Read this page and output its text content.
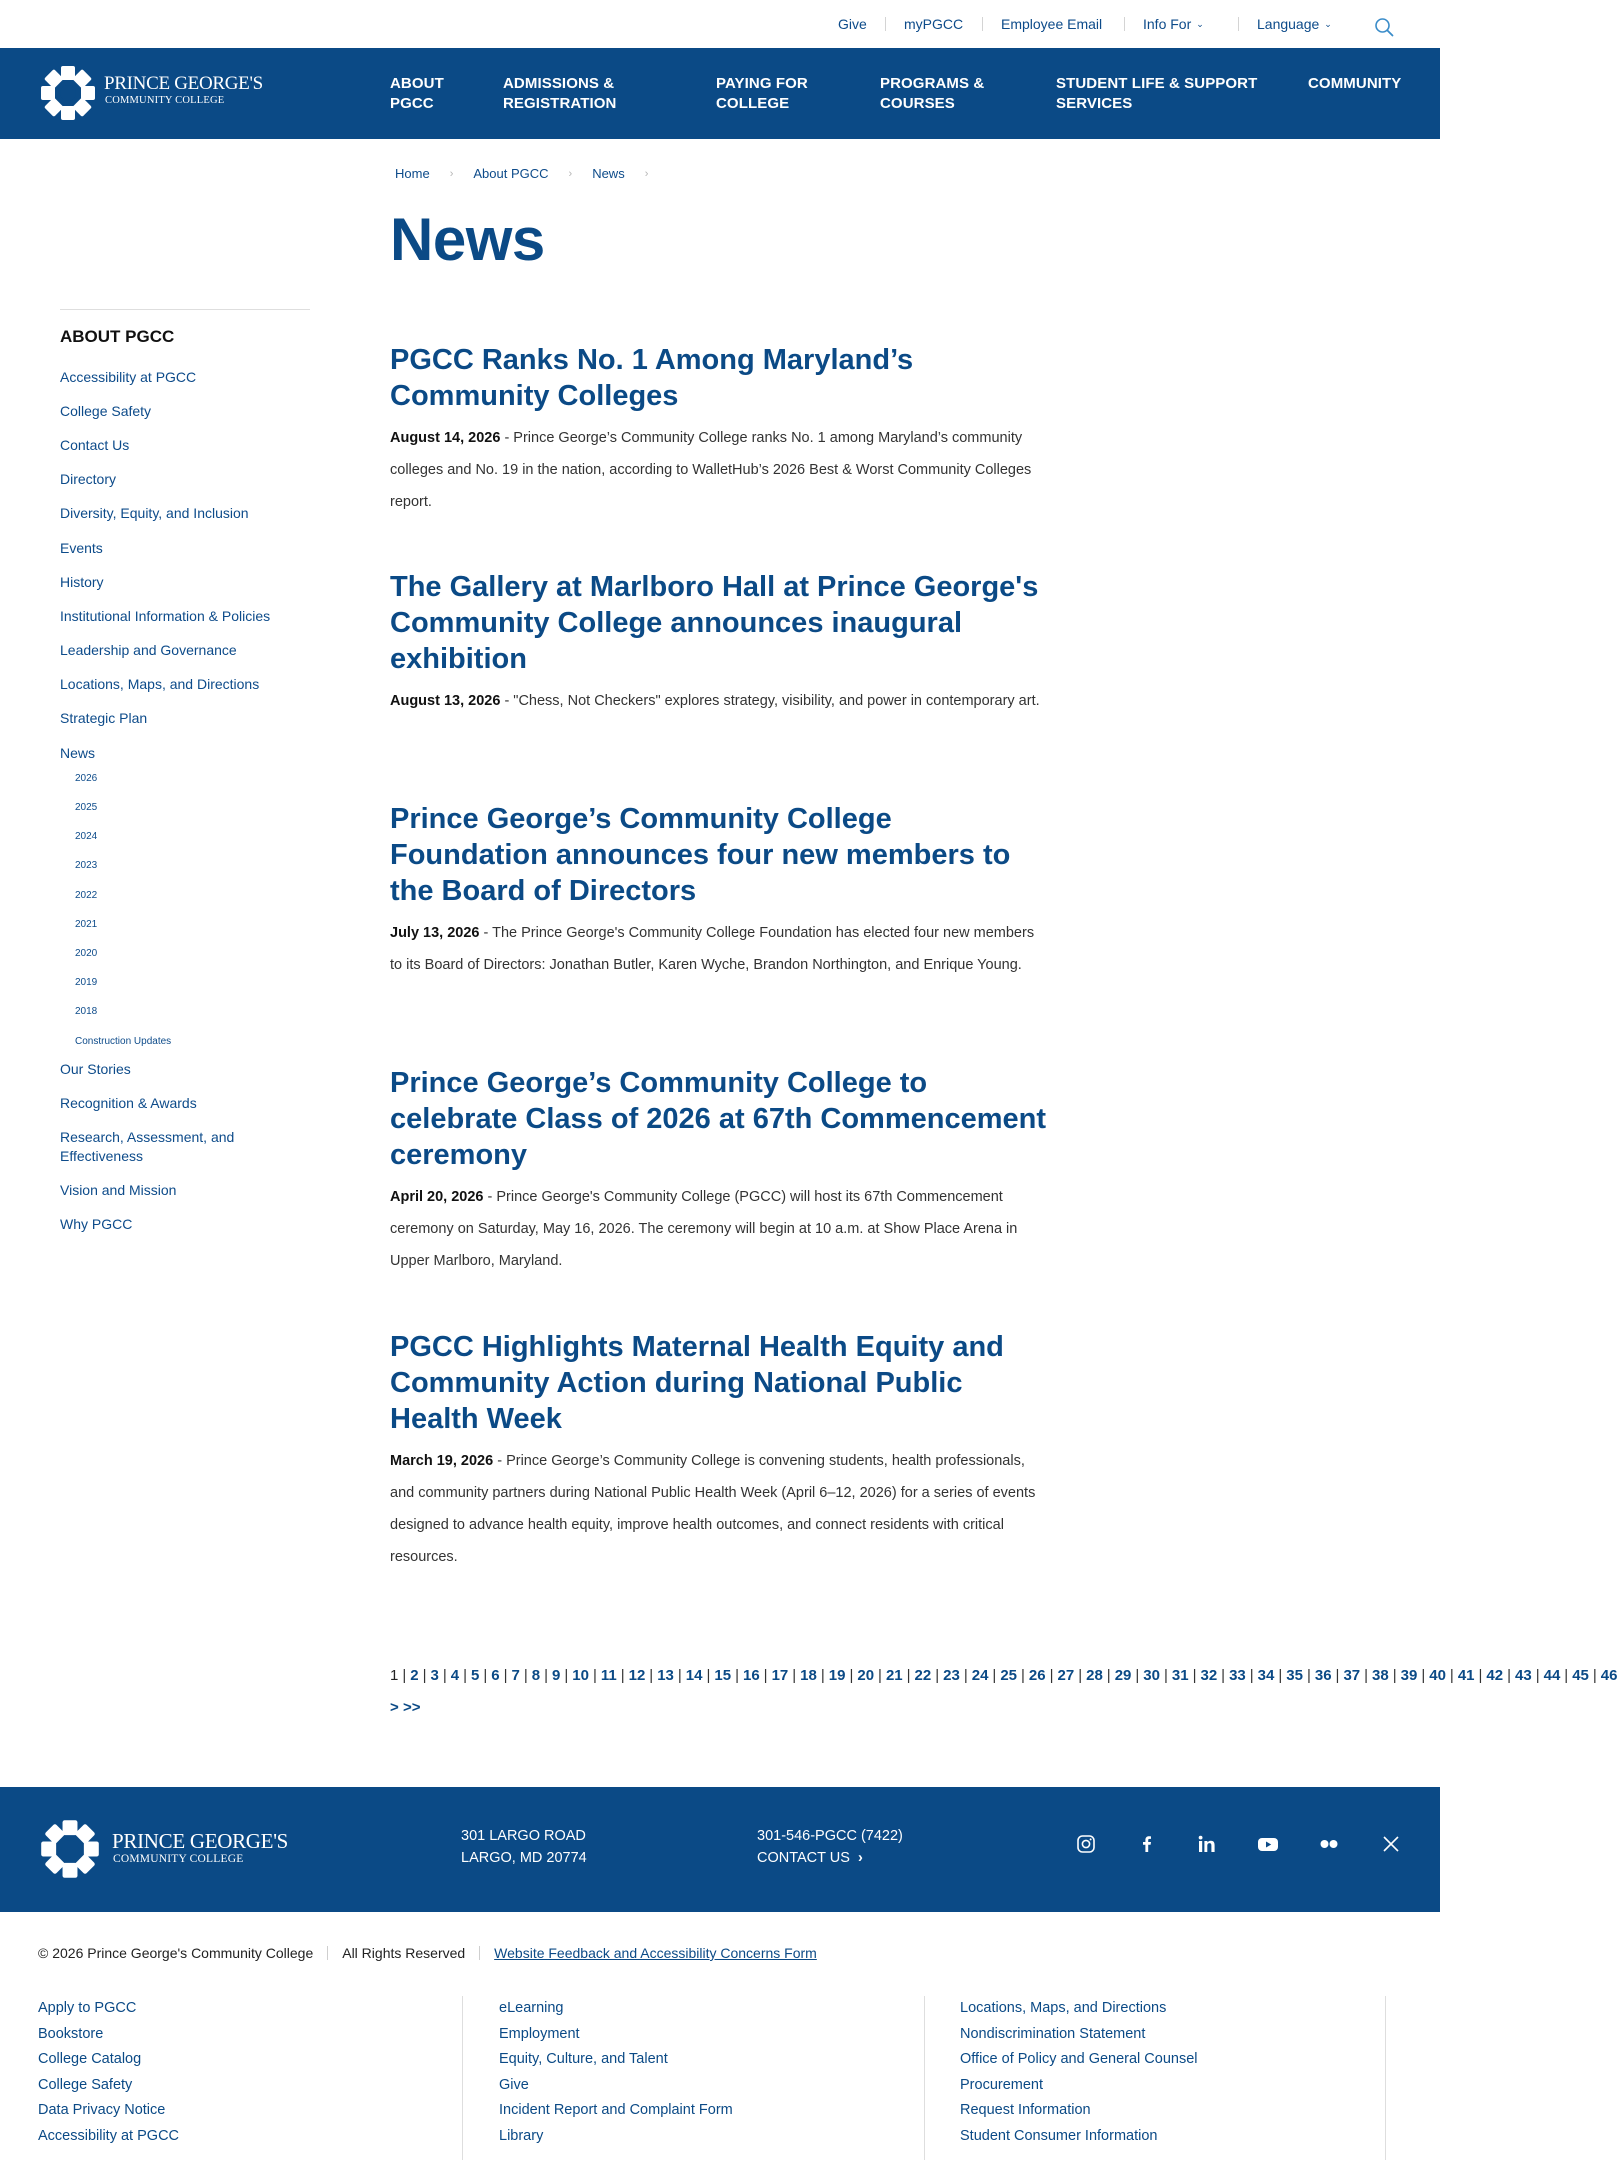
Give	myPGCC	Employee Email	Info For ⌄	Language ⌄
PRINCE GEORGE'S
COMMUNITY COLLEGE
ABOUT
PGCC
ADMISSIONS &
REGISTRATION
PAYING FOR
COLLEGE
PROGRAMS &
COURSES
STUDENT LIFE & SUPPORT
SERVICES
COMMUNITY
Home › About PGCC › News ›
News
ABOUT PGCC
Accessibility at PGCC
College Safety
Contact Us
Directory
Diversity, Equity, and Inclusion
Events
History
Institutional Information & Policies
Leadership and Governance
Locations, Maps, and Directions
Strategic Plan
News
2026
2025
2024
2023
2022
2021
2020
2019
2018
Construction Updates
Our Stories
Recognition & Awards
Research, Assessment, and Effectiveness
Vision and Mission
Why PGCC
PGCC Ranks No. 1 Among Maryland’s Community Colleges

August 14, 2026 - Prince George’s Community College ranks No. 1 among Maryland’s community colleges and No. 19 in the nation, according to WalletHub’s 2026 Best & Worst Community Colleges report.

The Gallery at Marlboro Hall at Prince George's Community College announces inaugural exhibition

August 13, 2026 - "Chess, Not Checkers" explores strategy, visibility, and power in contemporary art.

Prince George’s Community College Foundation announces four new members to the Board of Directors

July 13, 2026 - The Prince George's Community College Foundation has elected four new members to its Board of Directors: Jonathan Butler, Karen Wyche, Brandon Northington, and Enrique Young.

Prince George’s Community College to celebrate Class of 2026 at 67th Commencement ceremony

April 20, 2026 - Prince George's Community College (PGCC) will host its 67th Commencement ceremony on Saturday, May 16, 2026. The ceremony will begin at 10 a.m. at Show Place Arena in Upper Marlboro, Maryland.

PGCC Highlights Maternal Health Equity and Community Action during National Public Health Week

March 19, 2026 - Prince George’s Community College is convening students, health professionals, and community partners during National Public Health Week (April 6–12, 2026) for a series of events designed to advance health equity, improve health outcomes, and connect residents with critical resources.

1 | 2 | 3 | 4 | 5 | 6 | 7 | 8 | 9 | 10 | 11 | 12 | 13 | 14 | 15 | 16 | 17 | 18 | 19 | 20 | 21 | 22 | 23 | 24 | 25 | 26 | 27 | 28 | 29 | 30 | 31 | 32 | 33 | 34 | 35 | 36 | 37 | 38 | 39 | 40 | 41 | 42 | 43 | 44 | 45 | 46 > >>
PRINCE GEORGE'S
COMMUNITY COLLEGE
301 LARGO ROAD
LARGO, MD 20774
301-546-PGCC (7422)
CONTACT US ›
© 2026 Prince George's Community College All Rights Reserved Website Feedback and Accessibility Concerns Form
Apply to PGCC
Bookstore
College Catalog
College Safety
Data Privacy Notice
Accessibility at PGCC
eLearning
Employment
Equity, Culture, and Talent
Give
Incident Report and Complaint Form
Library
Locations, Maps, and Directions
Nondiscrimination Statement
Office of Policy and General Counsel
Procurement
Request Information
Student Consumer Information
